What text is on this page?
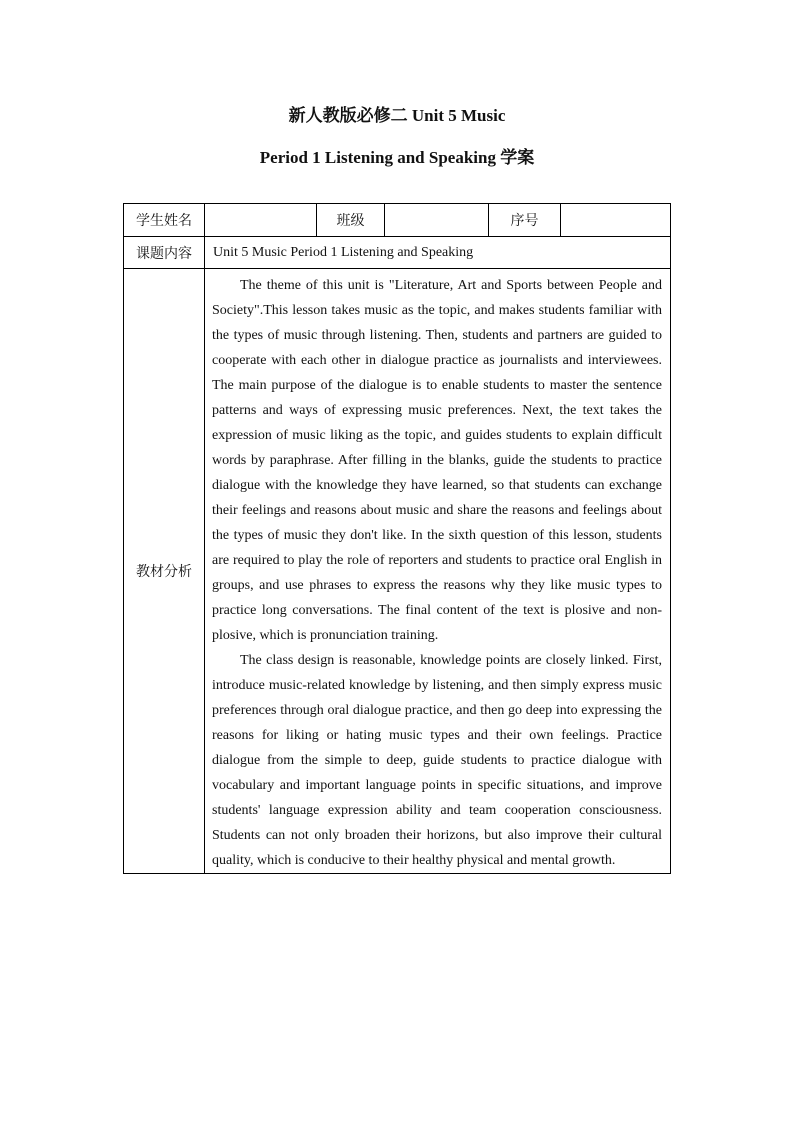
新人教版必修二 Unit 5 Music
Period 1 Listening and Speaking 学案
学生姓名		班级		序号	
课题内容	Unit 5 Music Period 1 Listening and Speaking				
教材分析	The theme of this unit is "Literature, Art and Sports between People and Society".This lesson takes music as the topic, and makes students familiar with the types of music through listening. Then, students and partners are guided to cooperate with each other in dialogue practice as journalists and interviewees. The main purpose of the dialogue is to enable students to master the sentence patterns and ways of expressing music preferences. Next, the text takes the expression of music liking as the topic, and guides students to explain difficult words by paraphrase. After filling in the blanks, guide the students to practice dialogue with the knowledge they have learned, so that students can exchange their feelings and reasons about music and share the reasons and feelings about the types of music they don't like. In the sixth question of this lesson, students are required to play the role of reporters and students to practice oral English in groups, and use phrases to express the reasons why they like music types to practice long conversations. The final content of the text is plosive and non-plosive, which is pronunciation training.

The class design is reasonable, knowledge points are closely linked. First, introduce music-related knowledge by listening, and then simply express music preferences through oral dialogue practice, and then go deep into expressing the reasons for liking or hating music types and their own feelings. Practice dialogue from the simple to deep, guide students to practice dialogue with vocabulary and important language points in specific situations, and improve students' language expression ability and team cooperation consciousness. Students can not only broaden their horizons, but also improve their cultural quality, which is conducive to their healthy physical and mental growth.				
